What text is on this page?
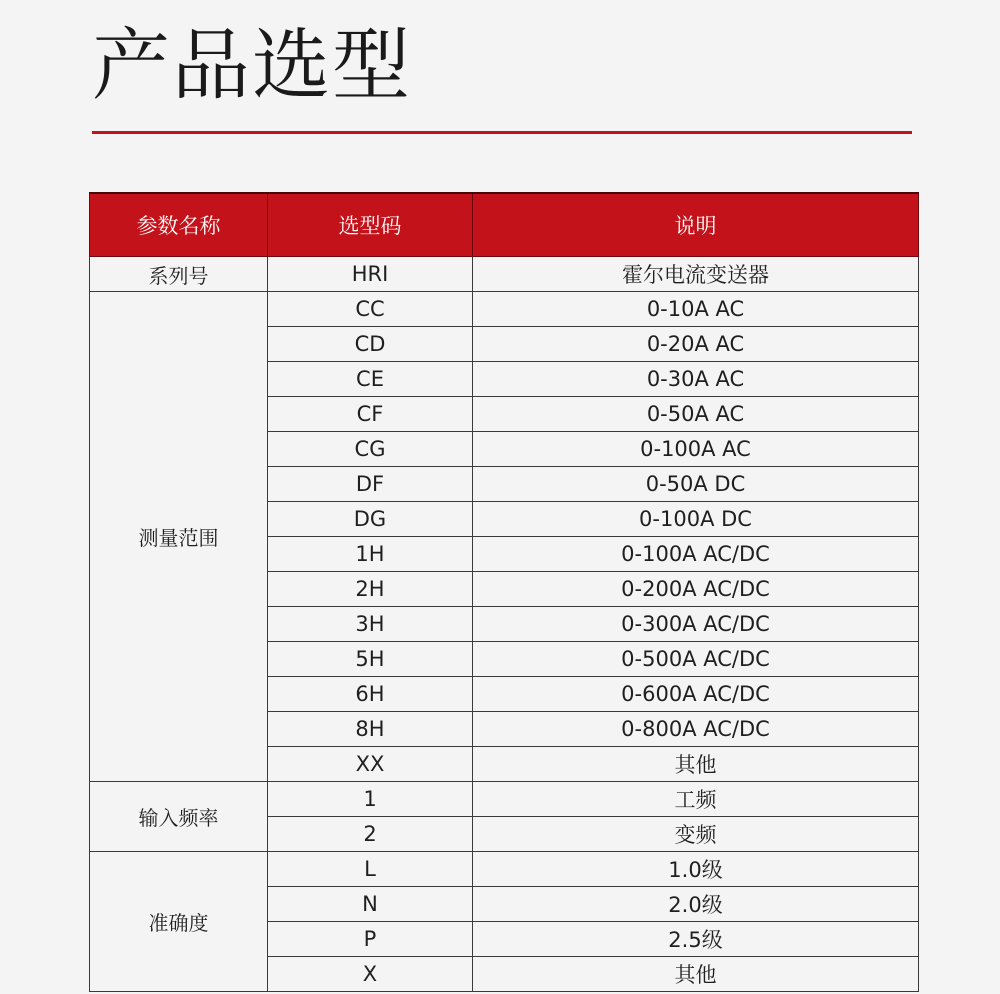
产品选型
参数名称	选型码	说明
系列号	HRI	霍尔电流变送器
测量范围	CC	0-10A AC
	CD	0-20A AC
	CE	0-30A AC
	CF	0-50A AC
	CG	0-100A AC
	DF	0-50A DC
	DG	0-100A DC
	1H	0-100A AC/DC
	2H	0-200A AC/DC
	3H	0-300A AC/DC
	5H	0-500A AC/DC
	6H	0-600A AC/DC
	8H	0-800A AC/DC
	XX	其他
输入频率	1	工频
	2	变频
准确度	L	1.0级
	N	2.0级
	P	2.5级
	X	其他
